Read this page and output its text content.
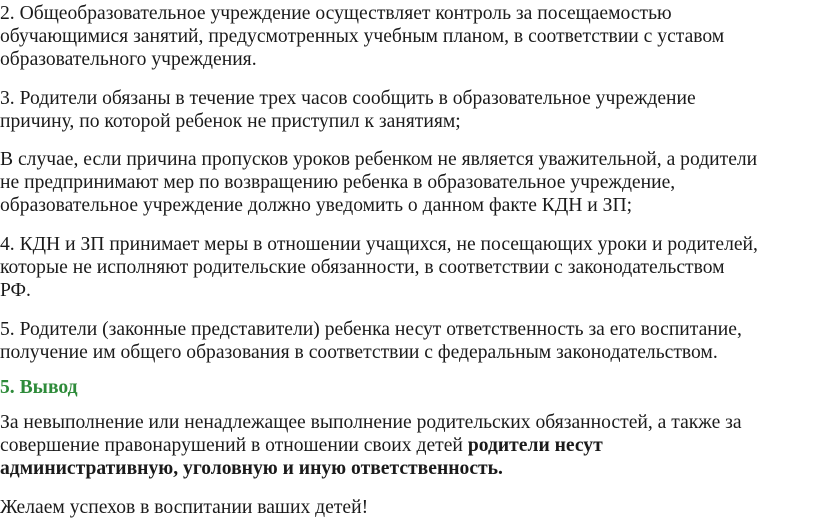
2. Общеобразовательное учреждение осуществляет контроль за посещаемостью
обучающимися занятий, предусмотренных учебным планом, в соответствии с уставом
образовательного учреждения.

3. Родители обязаны в течение трех часов сообщить в образовательное учреждение
причину, по которой ребенок не приступил к занятиям;

В случае, если причина пропусков уроков ребенком не является уважительной, а родители
не предпринимают мер по возвращению ребенка в образовательное учреждение,
образовательное учреждение должно уведомить о данном факте КДН и ЗП;

4. КДН и ЗП принимает меры в отношении учащихся, не посещающих уроки и родителей,
которые не исполняют родительские обязанности, в соответствии с законодательством
РФ.

5. Родители (законные представители) ребенка несут ответственность за его воспитание,
получение им общего образования в соответствии с федеральным законодательством.

5. Вывод

За невыполнение или ненадлежащее выполнение родительских обязанностей, а также за
совершение правонарушений в отношении своих детей родители несут
административную, уголовную и иную ответственность.

Желаем успехов в воспитании ваших детей!
